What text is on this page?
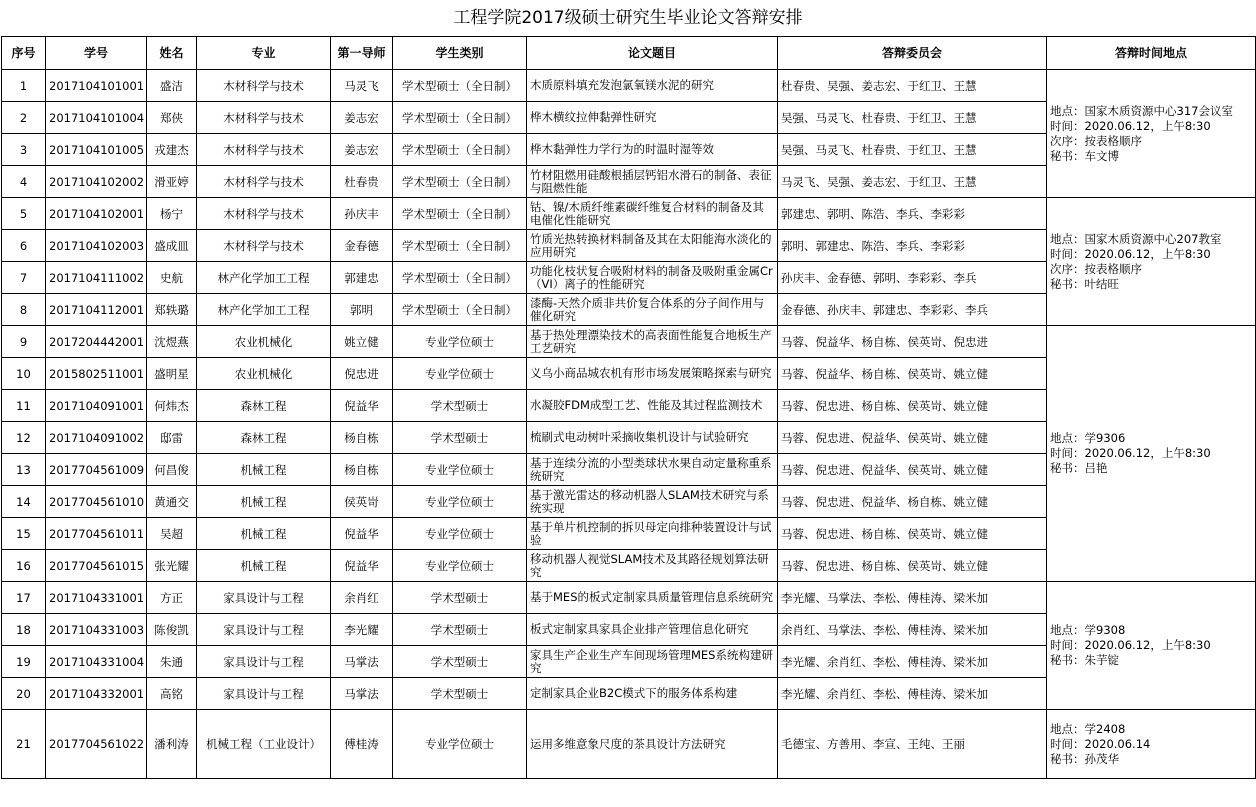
工程学院2017级硕士研究生毕业论文答辩安排
序号	学号	姓名	专业	第一导师	学生类别	论文题目	答辩委员会	答辩时间地点
1	2017104101001	盛洁	木材科学与技术	马灵飞	学术型硕士（全日制）	木质原料填充发泡氯氧镁水泥的研究	杜春贵、吴强、姜志宏、于红卫、王慧	地点：国家木质资源中心317会议室
时间：2020.06.12，上午8:30
次序：按表格顺序
秘书：车文博
2	2017104101004	郑侠	木材科学与技术	姜志宏	学术型硕士（全日制）	桦木横纹拉伸黏弹性研究	吴强、马灵飞、杜春贵、于红卫、王慧	
3	2017104101005	戎建杰	木材科学与技术	姜志宏	学术型硕士（全日制）	桦木黏弹性力学行为的时温时湿等效	吴强、马灵飞、杜春贵、于红卫、王慧	
4	2017104102002	滑亚婷	木材科学与技术	杜春贵	学术型硕士（全日制）	竹材阻燃用硅酸根插层钙铝水滑石的制备、表征与阻燃性能	马灵飞、吴强、姜志宏、于红卫、王慧	
5	2017104102001	杨宁	木材科学与技术	孙庆丰	学术型硕士（全日制）	钴、镍/木质纤维素碳纤维复合材料的制备及其电催化性能研究	郭建忠、郭明、陈浩、李兵、李彩彩	地点：国家木质资源中心207教室
时间：2020.06.12，上午8:30
次序：按表格顺序
秘书：叶结旺
6	2017104102003	盛成皿	木材科学与技术	金春德	学术型硕士（全日制）	竹质光热转换材料制备及其在太阳能海水淡化的应用研究	郭明、郭建忠、陈浩、李兵、李彩彩	
7	2017104111002	史航	林产化学加工工程	郭建忠	学术型硕士（全日制）	功能化枝状复合吸附材料的制备及吸附重金属Cr（VI）离子的性能研究	孙庆丰、金春德、郭明、李彩彩、李兵	
8	2017104112001	郑轶璐	林产化学加工工程	郭明	学术型硕士（全日制）	漆酶-天然介质非共价复合体系的分子间作用与催化研究	金春德、孙庆丰、郭建忠、李彩彩、李兵	
9	2017204442001	沈煜燕	农业机械化	姚立健	专业学位硕士	基于热处理漂染技术的高表面性能复合地板生产工艺研究	马蓉、倪益华、杨自栋、侯英岢、倪忠进	地点：学9306
时间：2020.06.12，上午8:30
秘书：吕艳
10	2015802511001	盛明星	农业机械化	倪忠进	专业学位硕士	义乌小商品城农机有形市场发展策略探索与研究	马蓉、倪益华、杨自栋、侯英岢、姚立健	
11	2017104091001	何炜杰	森林工程	倪益华	学术型硕士	水凝胶FDM成型工艺、性能及其过程监测技术	马蓉、倪忠进、杨自栋、侯英岢、姚立健	
12	2017104091002	邸雷	森林工程	杨自栋	学术型硕士	梳刷式电动树叶采摘收集机设计与试验研究	马蓉、倪忠进、倪益华、侯英岢、姚立健	
13	2017704561009	何昌俊	机械工程	杨自栋	专业学位硕士	基于连续分流的小型类球状水果自动定量称重系统研究	马蓉、倪忠进、倪益华、侯英岢、姚立健	
14	2017704561010	黄通交	机械工程	侯英岢	专业学位硕士	基于激光雷达的移动机器人SLAM技术研究与系统实现	马蓉、倪忠进、倪益华、杨自栋、姚立健	
15	2017704561011	吴超	机械工程	倪益华	专业学位硕士	基于单片机控制的拆贝母定向排种装置设计与试验	马蓉、倪忠进、杨自栋、侯英岢、姚立健	
16	2017704561015	张光耀	机械工程	倪益华	专业学位硕士	移动机器人视觉SLAM技术及其路径规划算法研究	马蓉、倪忠进、杨自栋、侯英岢、姚立健	
17	2017104331001	方正	家具设计与工程	余肖红	学术型硕士	基于MES的板式定制家具质量管理信息系统研究	李光耀、马掌法、李松、傅桂涛、梁米加	地点：学9308
时间：2020.06.12，上午8:30
秘书：朱芋锭
18	2017104331003	陈俊凯	家具设计与工程	李光耀	学术型硕士	板式定制家具家具企业排产管理信息化研究	余肖红、马掌法、李松、傅桂涛、梁米加	
19	2017104331004	朱通	家具设计与工程	马掌法	学术型硕士	家具生产企业生产车间现场管理MES系统构建研究	李光耀、余肖红、李松、傅桂涛、梁米加	
20	2017104332001	高铭	家具设计与工程	马掌法	学术型硕士	定制家具企业B2C模式下的服务体系构建	李光耀、余肖红、李松、傅桂涛、梁米加	
21	2017704561022	潘利涛	机械工程（工业设计）	傅桂涛	专业学位硕士	运用多维意象尺度的茶具设计方法研究	毛德宝、方善用、李宣、王纯、王丽	地点：学2408
时间：2020.06.14
秘书：孙茂华
